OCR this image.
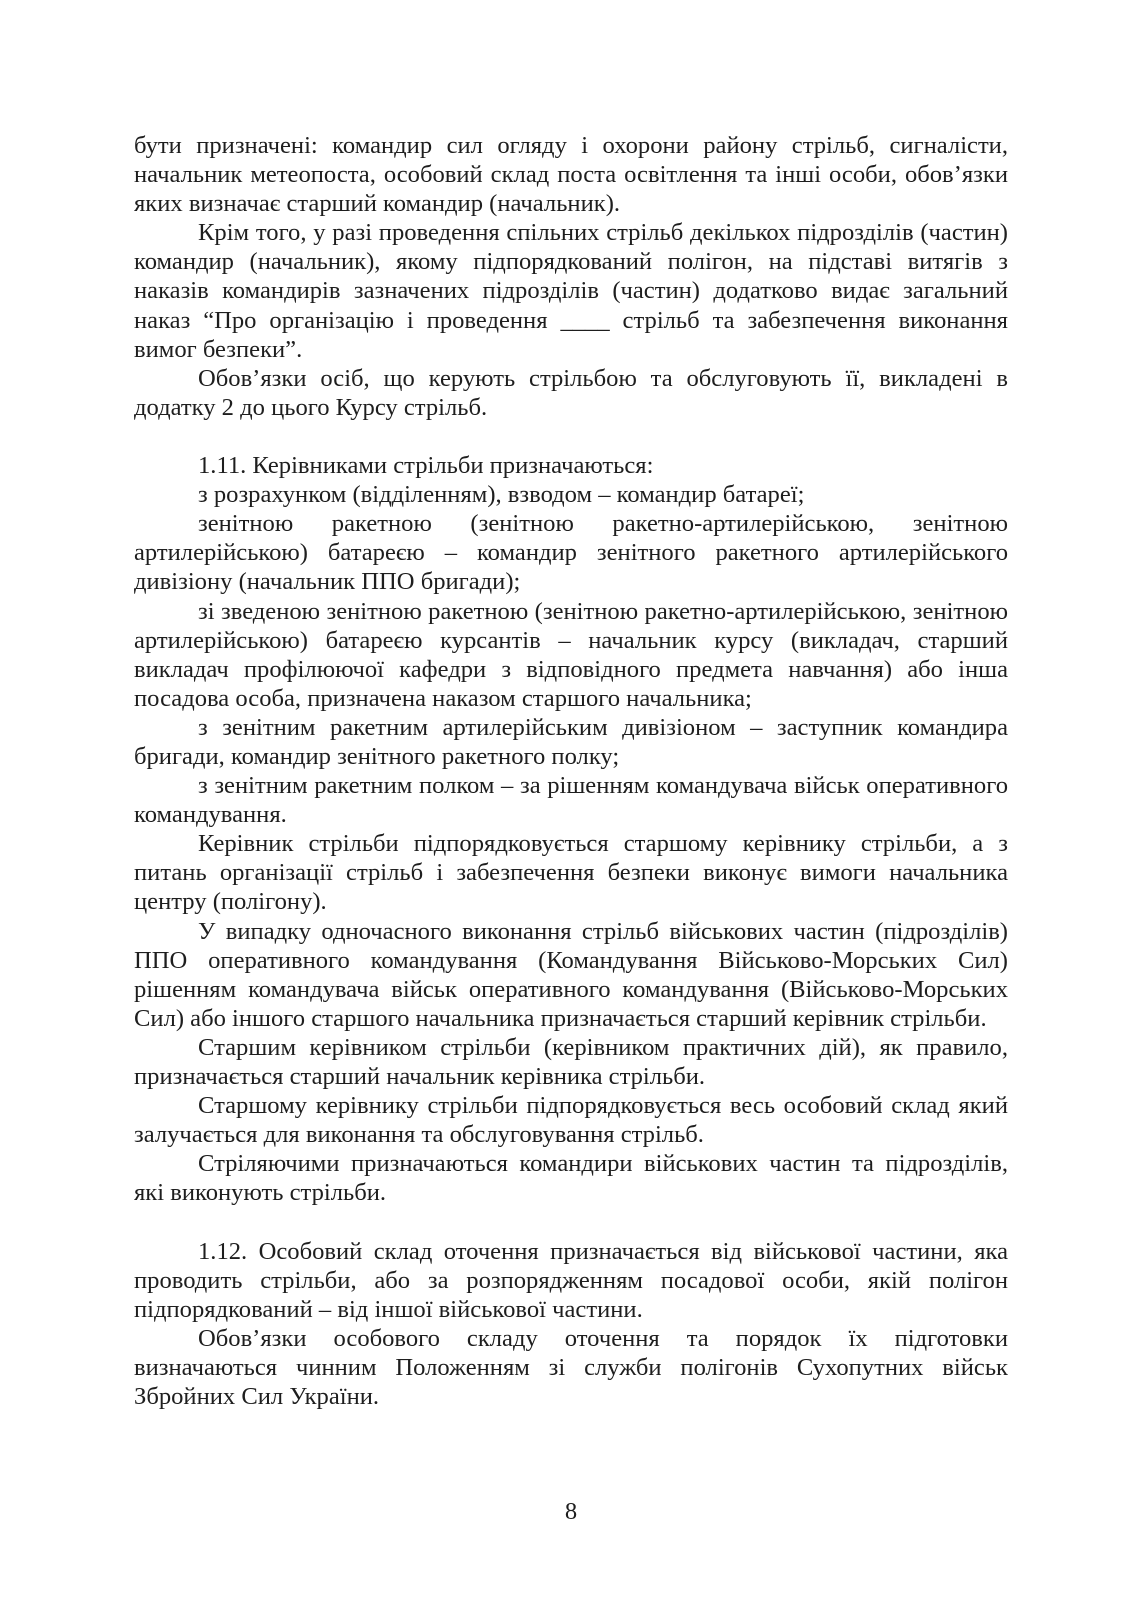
бути призначені: командир сил огляду і охорони району стрільб, сигналісти, начальник метеопоста, особовий склад поста освітлення та інші особи, обов’язки яких визначає старший командир (начальник).

Крім того, у разі проведення спільних стрільб декількох підрозділів (частин) командир (начальник), якому підпорядкований полігон, на підставі витягів з наказів командирів зазначених підрозділів (частин) додатково видає загальний наказ “Про організацію і проведення ____ стрільб та забезпечення виконання вимог безпеки”.

Обов’язки осіб, що керують стрільбою та обслуговують її, викладені в додатку 2 до цього Курсу стрільб.

1.11. Керівниками стрільби призначаються:

з розрахунком (відділенням), взводом – командир батареї;

зенітною ракетною (зенітною ракетно-артилерійською, зенітною артилерійською) батареєю – командир зенітного ракетного артилерійського дивізіону (начальник ППО бригади);

зі зведеною зенітною ракетною (зенітною ракетно-артилерійською, зенітною артилерійською) батареєю курсантів – начальник курсу (викладач, старший викладач профілюючої кафедри з відповідного предмета навчання) або інша посадова особа, призначена наказом старшого начальника;

з зенітним ракетним артилерійським дивізіоном – заступник командира бригади, командир зенітного ракетного полку;

з зенітним ракетним полком – за рішенням командувача військ оперативного командування.

Керівник стрільби підпорядковується старшому керівнику стрільби, а з питань організації стрільб і забезпечення безпеки виконує вимоги начальника центру (полігону).

У випадку одночасного виконання стрільб військових частин (підрозділів) ППО оперативного командування (Командування Військово-Морських Сил) рішенням командувача військ оперативного командування (Військово-Морських Сил) або іншого старшого начальника призначається старший керівник стрільби.

Старшим керівником стрільби (керівником практичних дій), як правило, призначається старший начальник керівника стрільби.

Старшому керівнику стрільби підпорядковується весь особовий склад який залучається для виконання та обслуговування стрільб.

Стріляючими призначаються командири військових частин та підрозділів, які виконують стрільби.

1.12. Особовий склад оточення призначається від військової частини, яка проводить стрільби, або за розпорядженням посадової особи, якій полігон підпорядкований – від іншої військової частини.

Обов’язки особового складу оточення та порядок їх підготовки визначаються чинним Положенням зі служби полігонів Сухопутних військ Збройних Сил України.

8
